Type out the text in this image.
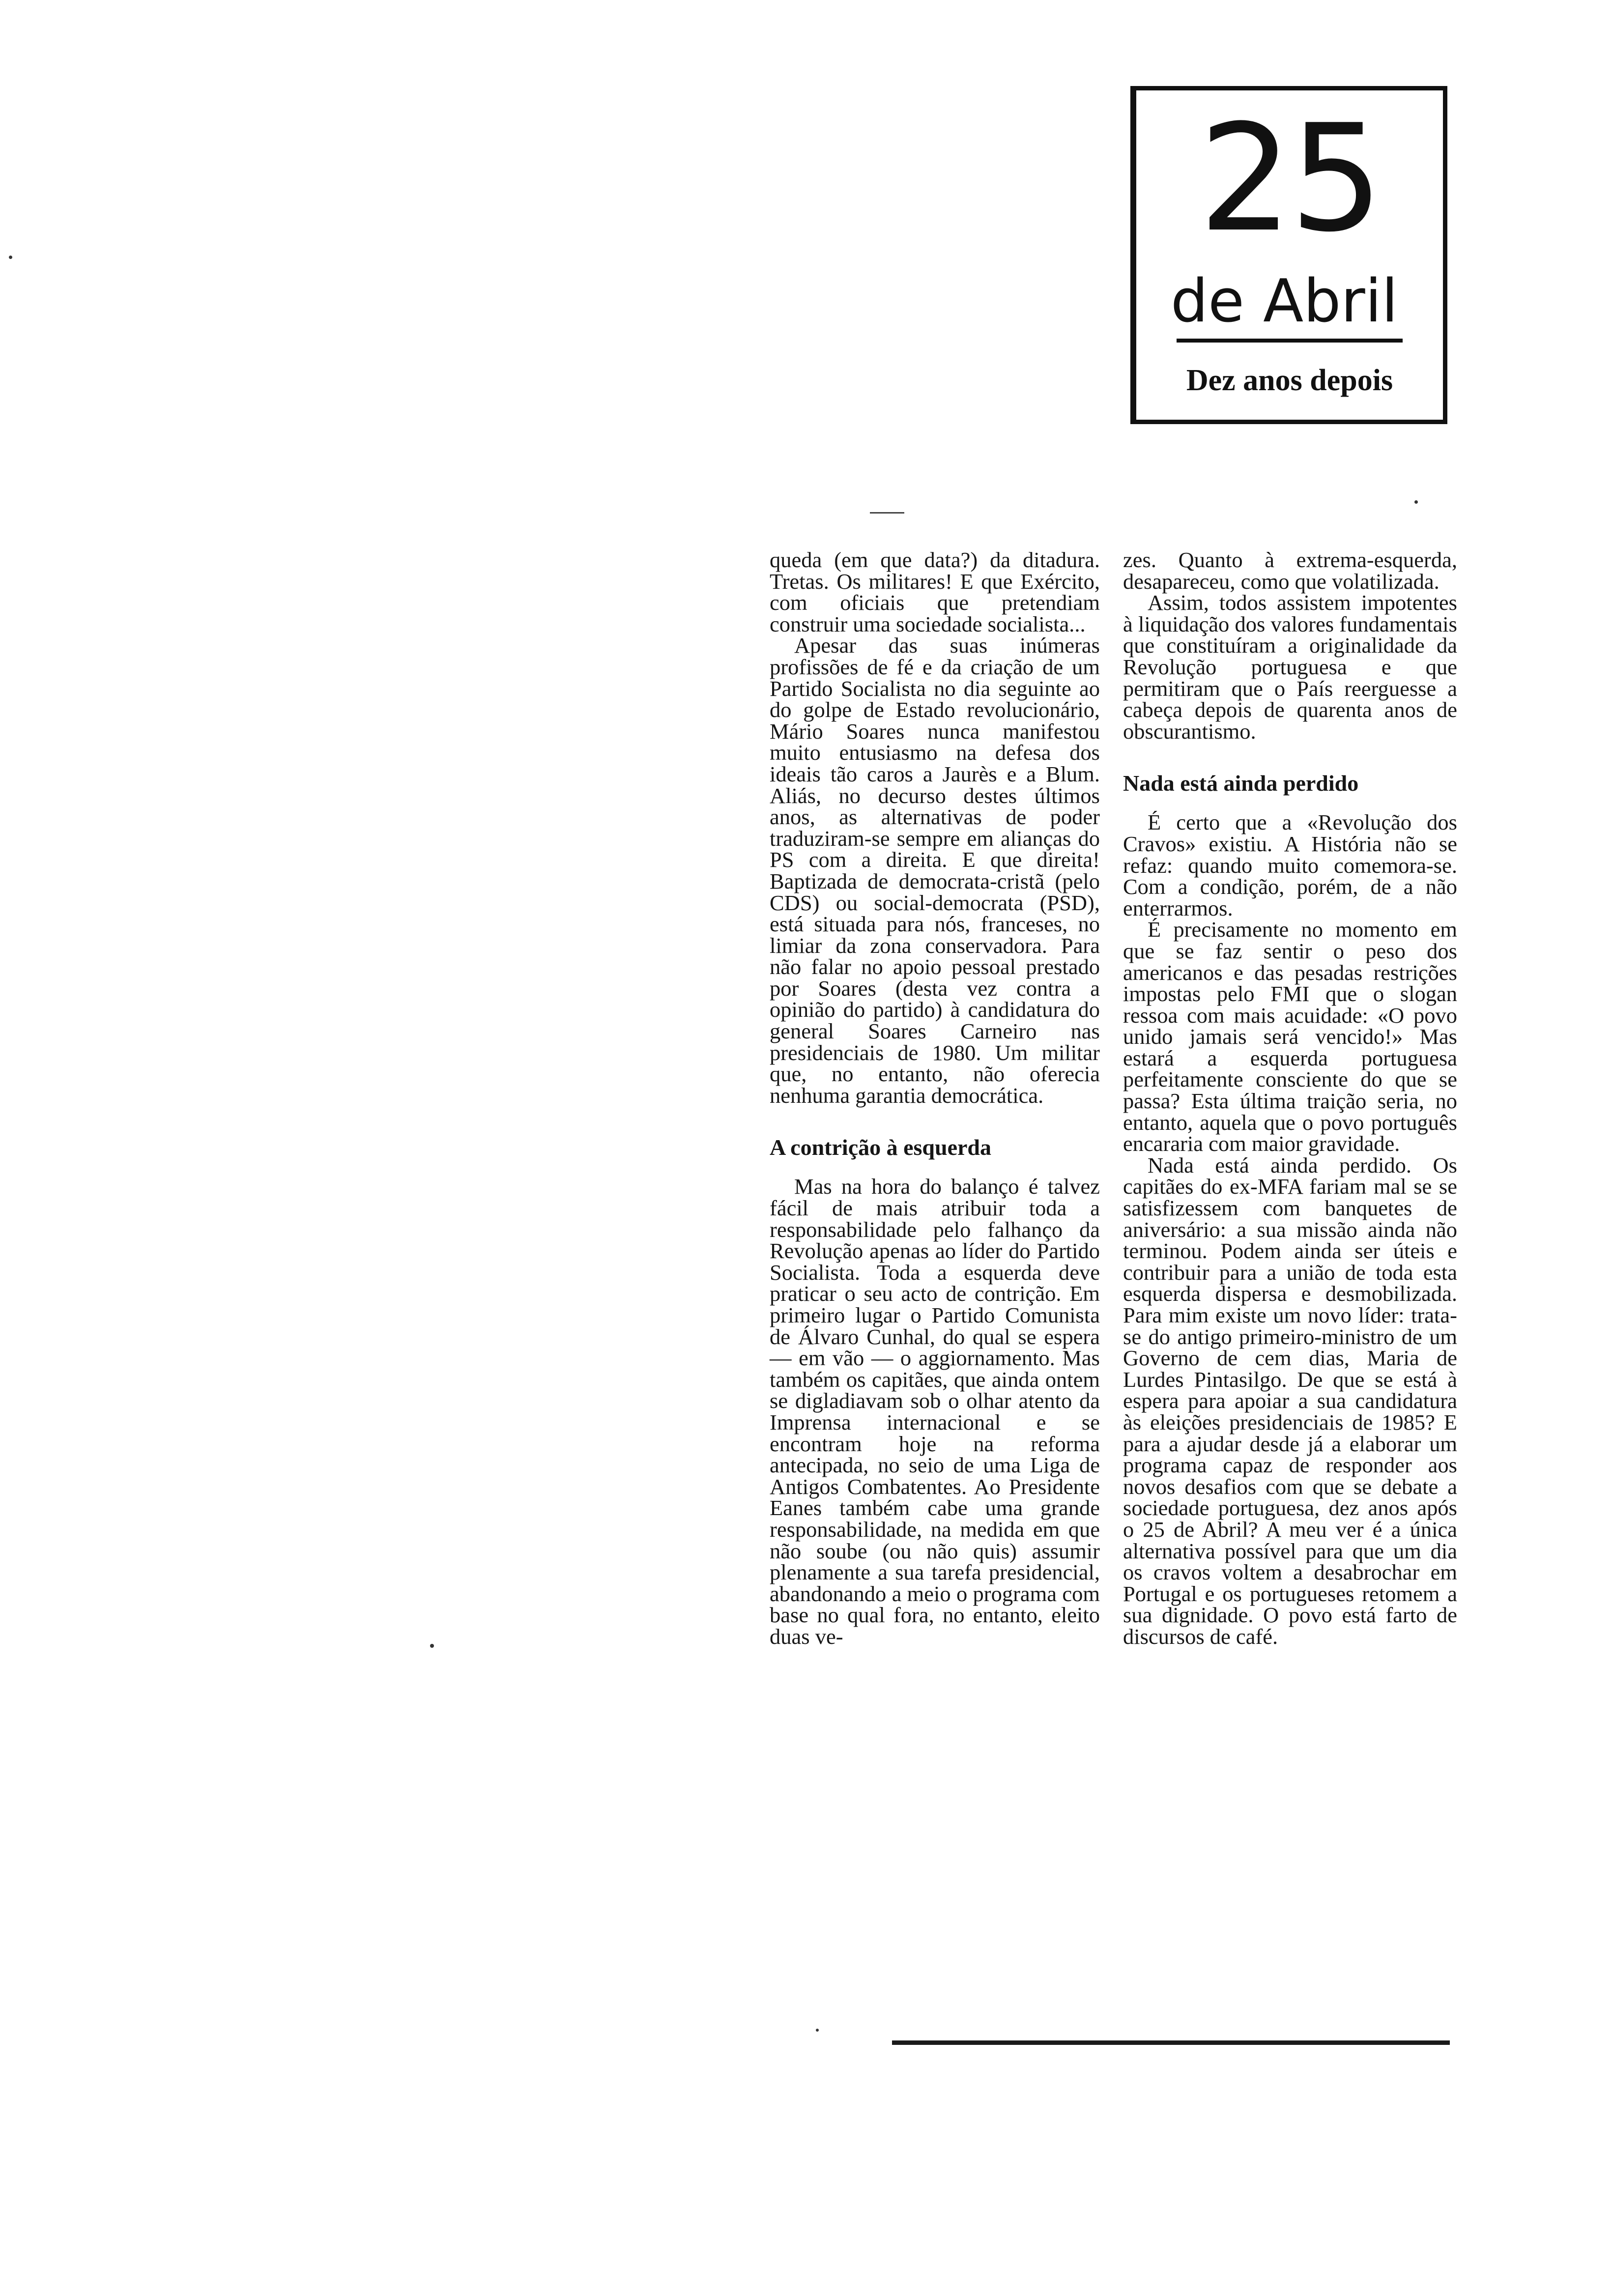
25
de Abril
Dez anos depois

queda (em que data?) da ditadura. Tretas. Os militares! E que Exército, com oficiais que pretendiam construir uma sociedade socialista...

Apesar das suas inúmeras profissões de fé e da criação de um Partido Socialista no dia seguinte ao do golpe de Estado revolucionário, Mário Soares nunca manifestou muito entusiasmo na defesa dos ideais tão caros a Jaurès e a Blum. Aliás, no decurso destes últimos anos, as alternativas de poder traduziram-se sempre em alianças do PS com a direita. E que direita! Baptizada de democrata-cristã (pelo CDS) ou social-democrata (PSD), está situada para nós, franceses, no limiar da zona conservadora. Para não falar no apoio pessoal prestado por Soares (desta vez contra a opinião do partido) à candidatura do general Soares Carneiro nas presidenciais de 1980. Um militar que, no entanto, não oferecia nenhuma garantia democrática.

A contrição à esquerda

Mas na hora do balanço é talvez fácil de mais atribuir toda a responsabilidade pelo falhanço da Revolução apenas ao líder do Partido Socialista. Toda a esquerda deve praticar o seu acto de contrição. Em primeiro lugar o Partido Comunista de Álvaro Cunhal, do qual se espera — em vão — o aggiornamento. Mas também os capitães, que ainda ontem se digladiavam sob o olhar atento da Imprensa internacional e se encontram hoje na reforma antecipada, no seio de uma Liga de Antigos Combatentes. Ao Presidente Eanes também cabe uma grande responsabilidade, na medida em que não soube (ou não quis) assumir plenamente a sua tarefa presidencial, abandonando a meio o programa com base no qual fora, no entanto, eleito duas ve-

zes. Quanto à extrema-esquerda, desapareceu, como que volatilizada.

Assim, todos assistem impotentes à liquidação dos valores fundamentais que constituíram a originalidade da Revolução portuguesa e que permitiram que o País reerguesse a cabeça depois de quarenta anos de obscurantismo.

Nada está ainda perdido

É certo que a «Revolução dos Cravos» existiu. A História não se refaz: quando muito comemora-se. Com a condição, porém, de a não enterrarmos.

É precisamente no momento em que se faz sentir o peso dos americanos e das pesadas restrições impostas pelo FMI que o slogan ressoa com mais acuidade: «O povo unido jamais será vencido!» Mas estará a esquerda portuguesa perfeitamente consciente do que se passa? Esta última traição seria, no entanto, aquela que o povo português encararia com maior gravidade.

Nada está ainda perdido. Os capitães do ex-MFA fariam mal se se satisfizessem com banquetes de aniversário: a sua missão ainda não terminou. Podem ainda ser úteis e contribuir para a união de toda esta esquerda dispersa e desmobilizada. Para mim existe um novo líder: trata-se do antigo primeiro-ministro de um Governo de cem dias, Maria de Lurdes Pintasilgo. De que se está à espera para apoiar a sua candidatura às eleições presidenciais de 1985? E para a ajudar desde já a elaborar um programa capaz de responder aos novos desafios com que se debate a sociedade portuguesa, dez anos após o 25 de Abril? A meu ver é a única alternativa possível para que um dia os cravos voltem a desabrochar em Portugal e os portugueses retomem a sua dignidade. O povo está farto de discursos de café.
